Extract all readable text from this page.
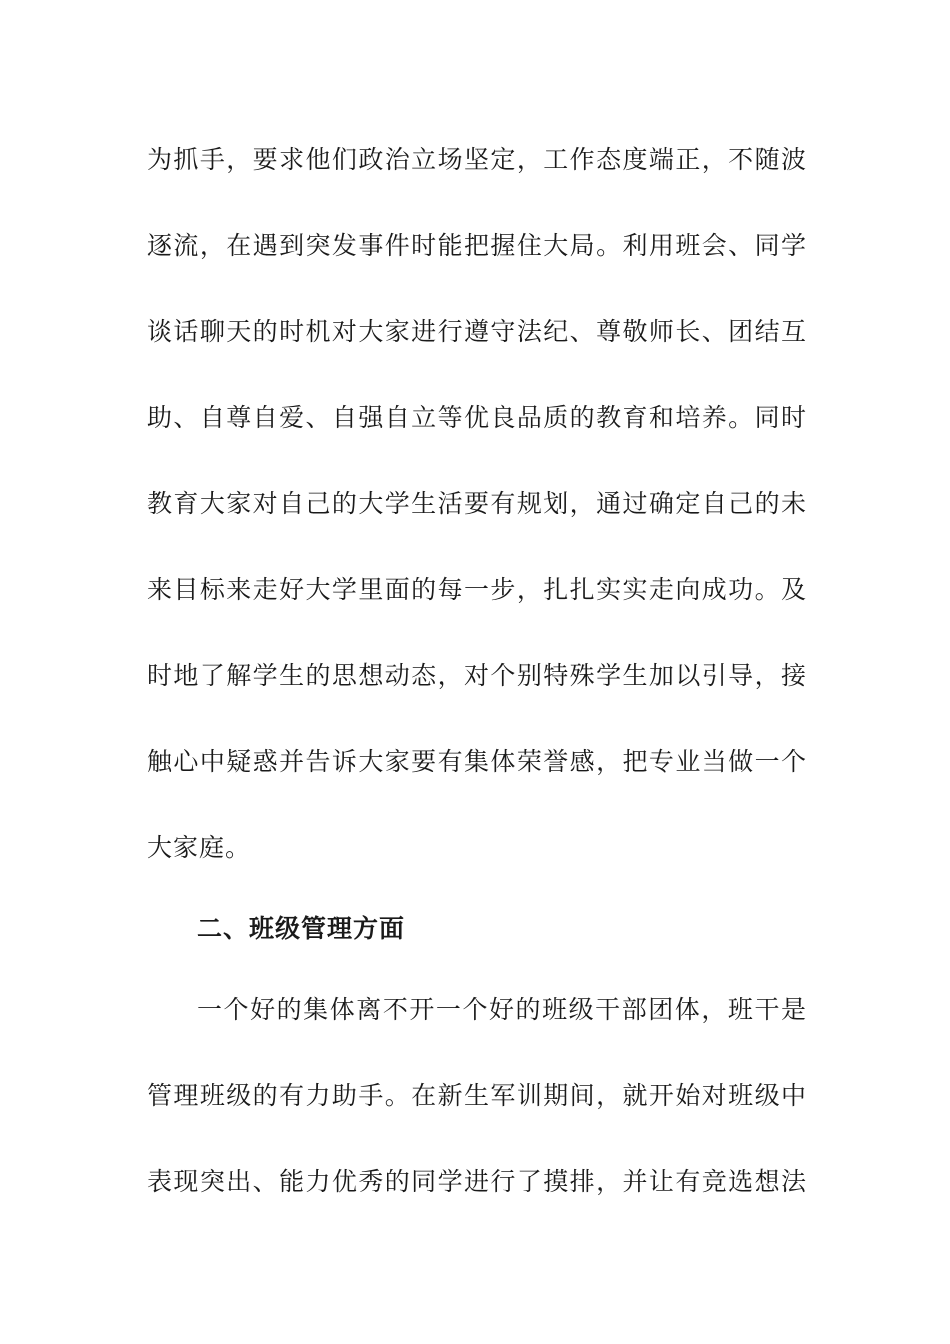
为抓手，要求他们政治立场坚定，工作态度端正，不随波
逐流，在遇到突发事件时能把握住大局。利用班会、同学
谈话聊天的时机对大家进行遵守法纪、尊敬师长、团结互
助、自尊自爱、自强自立等优良品质的教育和培养。同时
教育大家对自己的大学生活要有规划，通过确定自己的未
来目标来走好大学里面的每一步，扎扎实实走向成功。及
时地了解学生的思想动态，对个别特殊学生加以引导，接
触心中疑惑并告诉大家要有集体荣誉感，把专业当做一个
大家庭。
二、班级管理方面
一个好的集体离不开一个好的班级干部团体，班干是
管理班级的有力助手。在新生军训期间，就开始对班级中
表现突出、能力优秀的同学进行了摸排，并让有竞选想法
